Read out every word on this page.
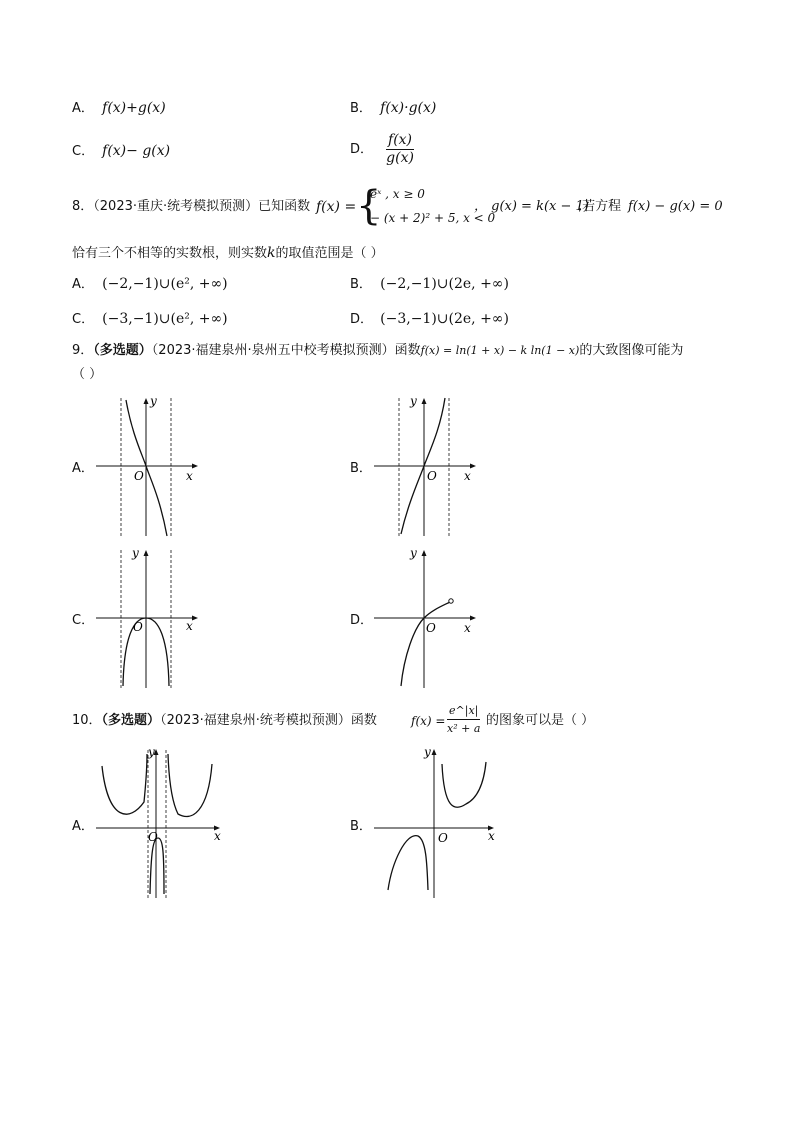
A． f(x)+g(x)	B． f(x)·g(x)
C． f(x)− g(x)	D． $\frac{f(x)}{g(x)}$
8．（2023·重庆·统考模拟预测）已知函数 f(x) = {
eˣ , x ≥ 0
− (x + 2)² + 5, x < 0
， g(x) = k(x − 1)
,若方程 f(x) − g(x) = 0
恰有三个不相等的实数根，则实数k的取值范围是（ ）
A． (−2,−1)∪(e², +∞)	B． (−2,−1)∪(2e, +∞)
C． (−3,−1)∪(e², +∞)	D． (−3,−1)∪(2e, +∞)
9．（多选题）（2023·福建泉州·泉州五中校考模拟预测）函数f(x) = ln(1 + x) − k ln(1 − x)的大致图像可能为
（ ）
A．	B．
C．	D．
y
x
O
y
x
O
y
x
O
y
x
O
10．（多选题）（2023·福建泉州·统考模拟预测）函数	$f(x) = \frac{e\^{}|x|}{\text{x² + a}}$ 的图象可以是（ ）
A．	B．
y
x
O
y
x
O
